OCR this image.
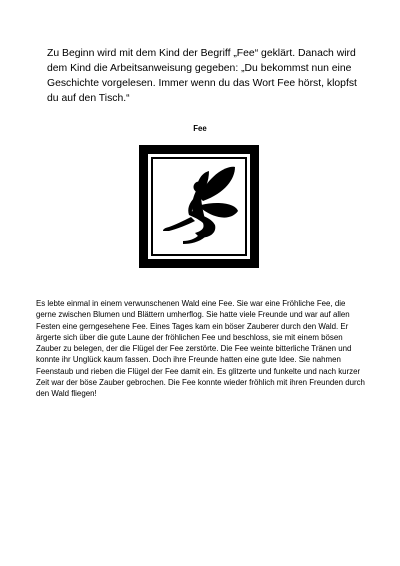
Zu Beginn wird mit dem Kind der Begriff „Fee“ geklärt. Danach wird dem Kind die Arbeitsanweisung gegeben: „Du bekommst nun eine Geschichte vorgelesen. Immer wenn du das Wort Fee hörst, klopfst du auf den Tisch.“

Fee

Es lebte einmal in einem verwunschenen Wald eine Fee. Sie war eine Fröhliche Fee, die gerne zwischen Blumen und Blättern umherflog. Sie hatte viele Freunde und war auf allen Festen eine gerngesehene Fee. Eines Tages kam ein böser Zauberer durch den Wald. Er ärgerte sich über die gute Laune der fröhlichen Fee und beschloss, sie mit einem bösen Zauber zu belegen, der die Flügel der Fee zerstörte. Die Fee weinte bitterliche Tränen und konnte ihr Unglück kaum fassen. Doch ihre Freunde hatten eine gute Idee. Sie nahmen Feenstaub und rieben die Flügel der Fee damit ein. Es glitzerte und funkelte und nach kurzer Zeit war der böse Zauber gebrochen. Die Fee konnte wieder fröhlich mit ihren Freunden durch den Wald fliegen!
